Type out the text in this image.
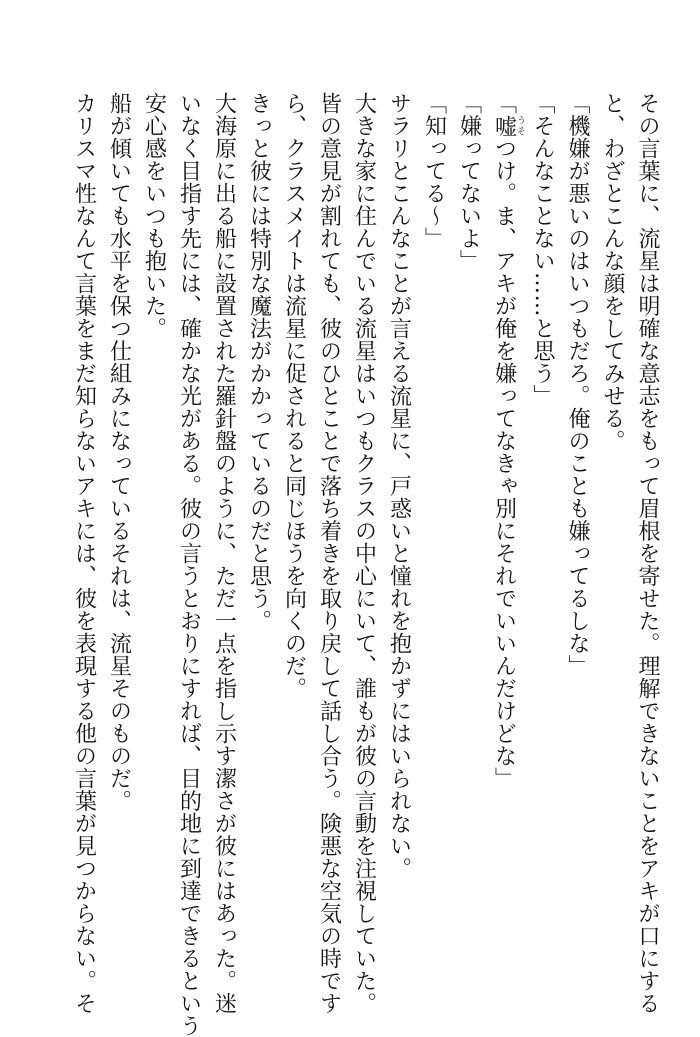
その言葉に、流星は明確な意志をもって眉根を寄せた。理解できないことをアキが口にする
と、わざとこんな顔をしてみせる。
「機嫌が悪いのはいつもだろ。俺のことも嫌ってるしな」
「そんなことない……と思う」
「嘘うそつけ。ま、アキが俺を嫌ってなきゃ別にそれでいいんだけどな」
「嫌ってないよ」
「知ってる～」
サラリとこんなことが言える流星に、戸惑いと憧れを抱かずにはいられない。
大きな家に住んでいる流星はいつもクラスの中心にいて、誰もが彼の言動を注視していた。
皆の意見が割れても、彼のひとことで落ち着きを取り戻して話し合う。険悪な空気の時です
ら、クラスメイトは流星に促されると同じほうを向くのだ。
きっと彼には特別な魔法がかかっているのだと思う。
大海原に出る船に設置された羅針盤のように、ただ一点を指し示す潔さが彼にはあった。迷
いなく目指す先には、確かな光がある。彼の言うとおりにすれば、目的地に到達できるという
安心感をいつも抱いた。
船が傾いても水平を保つ仕組みになっているそれは、流星そのものだ。
カリスマ性なんて言葉をまだ知らないアキには、彼を表現する他の言葉が見つからない。そ
